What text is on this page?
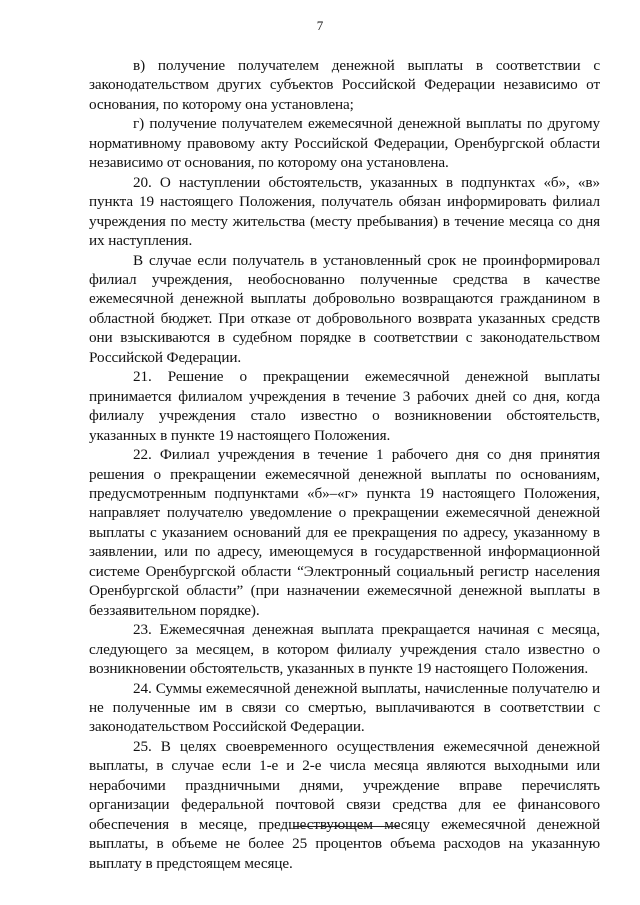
7

в) получение получателем денежной выплаты в соответствии с законодательством других субъектов Российской Федерации независимо от основания, по которому она установлена;

г) получение получателем ежемесячной денежной выплаты по другому нормативному правовому акту Российской Федерации, Оренбургской области независимо от основания, по которому она установлена.

20. О наступлении обстоятельств, указанных в подпунктах «б», «в» пункта 19 настоящего Положения, получатель обязан информировать филиал учреждения по месту жительства (месту пребывания) в течение месяца со дня их наступления.

В случае если получатель в установленный срок не проинформировал филиал учреждения, необоснованно полученные средства в качестве ежемесячной денежной выплаты добровольно возвращаются гражданином в областной бюджет. При отказе от добровольного возврата указанных средств они взыскиваются в судебном порядке в соответствии с законодательством Российской Федерации.

21. Решение о прекращении ежемесячной денежной выплаты принимается филиалом учреждения в течение 3 рабочих дней со дня, когда филиалу учреждения стало известно о возникновении обстоятельств, указанных в пункте 19 настоящего Положения.

22. Филиал учреждения в течение 1 рабочего дня со дня принятия решения о прекращении ежемесячной денежной выплаты по основаниям, предусмотренным подпунктами «б»–«г» пункта 19 настоящего Положения, направляет получателю уведомление о прекращении ежемесячной денежной выплаты с указанием оснований для ее прекращения по адресу, указанному в заявлении, или по адресу, имеющемуся в государственной информационной системе Оренбургской области “Электронный социальный регистр населения Оренбургской области” (при назначении ежемесячной денежной выплаты в беззаявительном порядке).

23. Ежемесячная денежная выплата прекращается начиная с месяца, следующего за месяцем, в котором филиалу учреждения стало известно о возникновении обстоятельств, указанных в пункте 19 настоящего Положения.

24. Суммы ежемесячной денежной выплаты, начисленные получателю и не полученные им в связи со смертью, выплачиваются в соответствии с законодательством Российской Федерации.

25. В целях своевременного осуществления ежемесячной денежной выплаты, в случае если 1-е и 2-е числа месяца являются выходными или нерабочими праздничными днями, учреждение вправе перечислять организации федеральной почтовой связи средства для ее финансового обеспечения в месяце, предшествующем месяцу ежемесячной денежной выплаты, в объеме не более 25 процентов объема расходов на указанную выплату в предстоящем месяце.
